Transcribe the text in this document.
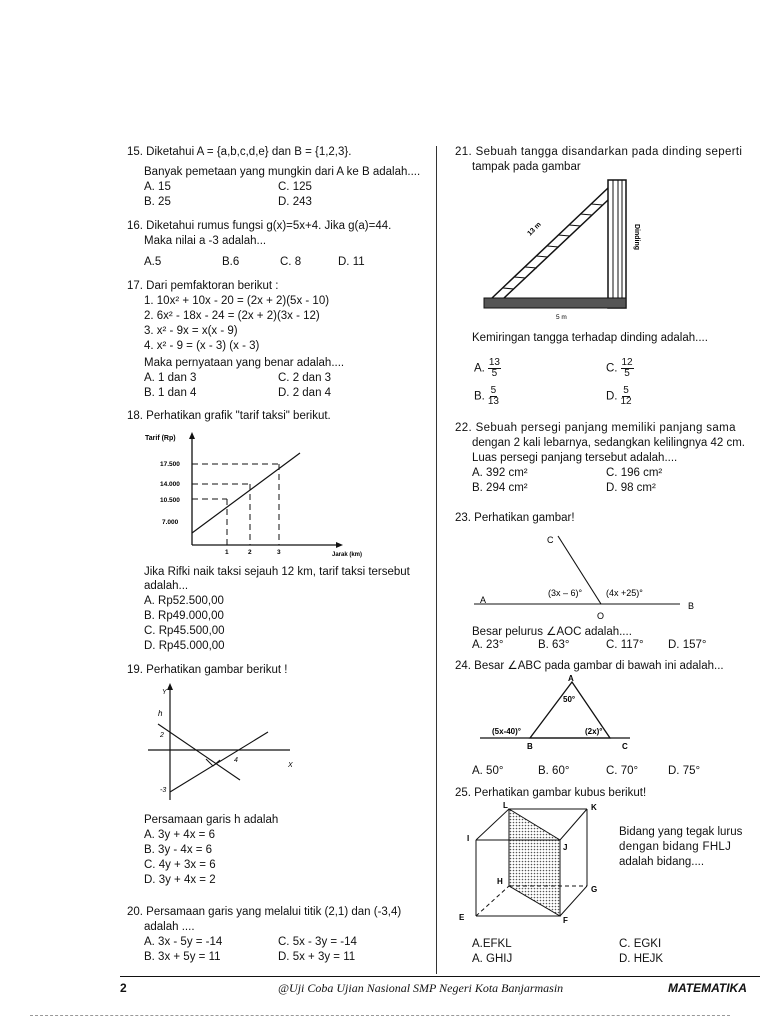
15. Diketahui A = {a,b,c,d,e} dan B = {1,2,3}.
Banyak pemetaan yang mungkin dari A ke B adalah....
A. 15
B. 25
C. 125
D. 243
16. Diketahui rumus fungsi g(x)=5x+4. Jika g(a)=44.
Maka nilai a -3 adalah...
A.5	B.6	C. 8	D. 11
17. Dari pemfaktoran berikut :
1. 10x² + 10x - 20 = (2x + 2)(5x - 10)
2. 6x² - 18x - 24 = (2x + 2)(3x - 12)
3. x² - 9x = x(x - 9)
4. x² - 9 = (x - 3) (x - 3)
Maka pernyataan yang benar adalah....
A. 1 dan 3
B. 1 dan 4
C. 2 dan 3
D. 2 dan 4
18. Perhatikan grafik "tarif taksi" berikut.
Tarif (Rp)
Jarak (km)
17.500
14.000
10.500
7.000
1	2	3
Jika Rifki naik taksi sejauh 12 km, tarif taksi tersebut
adalah...
A. Rp52.500,00
B. Rp49.000,00
C. Rp45.500,00
D. Rp45.000,00
19. Perhatikan gambar berikut !
Y
h
2
4
X
-3
Persamaan garis h adalah
A. 3y + 4x = 6
B. 3y - 4x = 6
C. 4y + 3x = 6
D. 3y + 4x = 2
20. Persamaan garis yang melalui titik (2,1) dan (-3,4)
adalah ....
A. 3x - 5y = -14
B. 3x + 5y = 11
C. 5x - 3y = -14
D. 5x + 3y = 11
21. Sebuah tangga disandarkan pada dinding seperti
tampak pada gambar
13 m	Dinding
5 m
Kemiringan tangga terhadap dinding adalah....
A. $\frac{13}{5}$	C. $\frac{12}{5}$
B. $\frac{5}{13}$	D. $\frac{5}{12}$
22. Sebuah persegi panjang memiliki panjang sama
dengan 2 kali lebarnya, sedangkan kelilingnya 42 cm.
Luas persegi panjang tersebut adalah....
A. 392 cm²
B. 294 cm²
C. 196 cm²
D. 98 cm²
23. Perhatikan gambar!
C
A
B
O
(3x – 6)°	(4x +25)°
Besar pelurus ∠AOC adalah....
A. 23°	B. 63°	C. 117° D. 157°
24. Besar ∠ABC pada gambar di bawah ini adalah...
A
B	C
50°
(5x-40)°	(2x)°
A. 50°	B. 60°	C. 70°	D. 75°
25. Perhatikan gambar kubus berikut!
L	K
I
J
H
G
E	F
Bidang yang tegak lurus
dengan bidang FHLJ
adalah bidang....
A.EFKL
A. GHIJ
C. EGKI
D. HEJK
2	@Uji Coba Ujian Nasional SMP Negeri Kota Banjarmasin	MATEMATIKA
